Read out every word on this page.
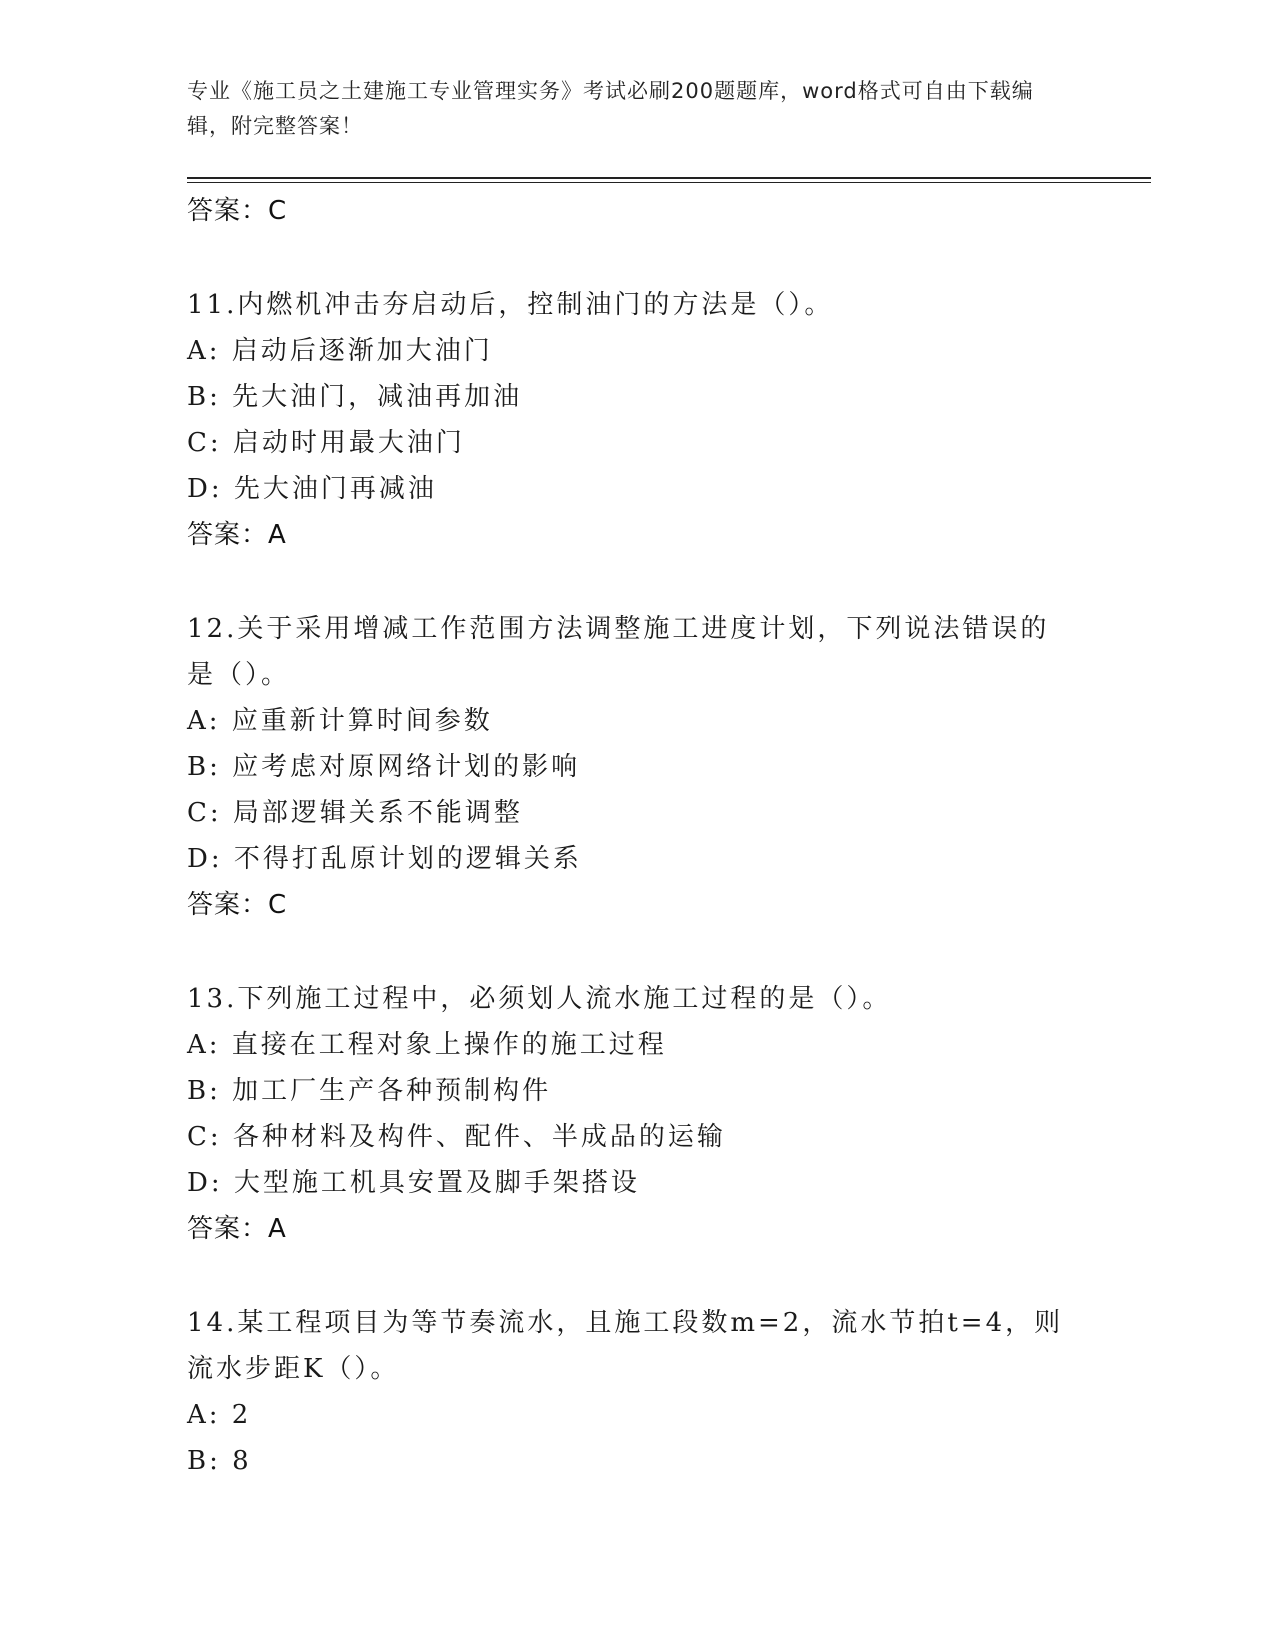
专业《施工员之土建施工专业管理实务》考试必刷200题题库，word格式可自由下载编辑，附完整答案！
答案：C
11.内燃机冲击夯启动后，控制油门的方法是（）。
A: 启动后逐渐加大油门
B: 先大油门，减油再加油
C: 启动时用最大油门
D: 先大油门再减油
答案：A
12.关于采用增减工作范围方法调整施工进度计划，下列说法错误的是（）。
A: 应重新计算时间参数
B: 应考虑对原网络计划的影响
C: 局部逻辑关系不能调整
D: 不得打乱原计划的逻辑关系
答案：C
13.下列施工过程中，必须划人流水施工过程的是（）。
A: 直接在工程对象上操作的施工过程
B: 加工厂生产各种预制构件
C: 各种材料及构件、配件、半成品的运输
D: 大型施工机具安置及脚手架搭设
答案：A
14.某工程项目为等节奏流水，且施工段数m=2，流水节拍t=4，则流水步距K（）。
A: 2
B: 8
